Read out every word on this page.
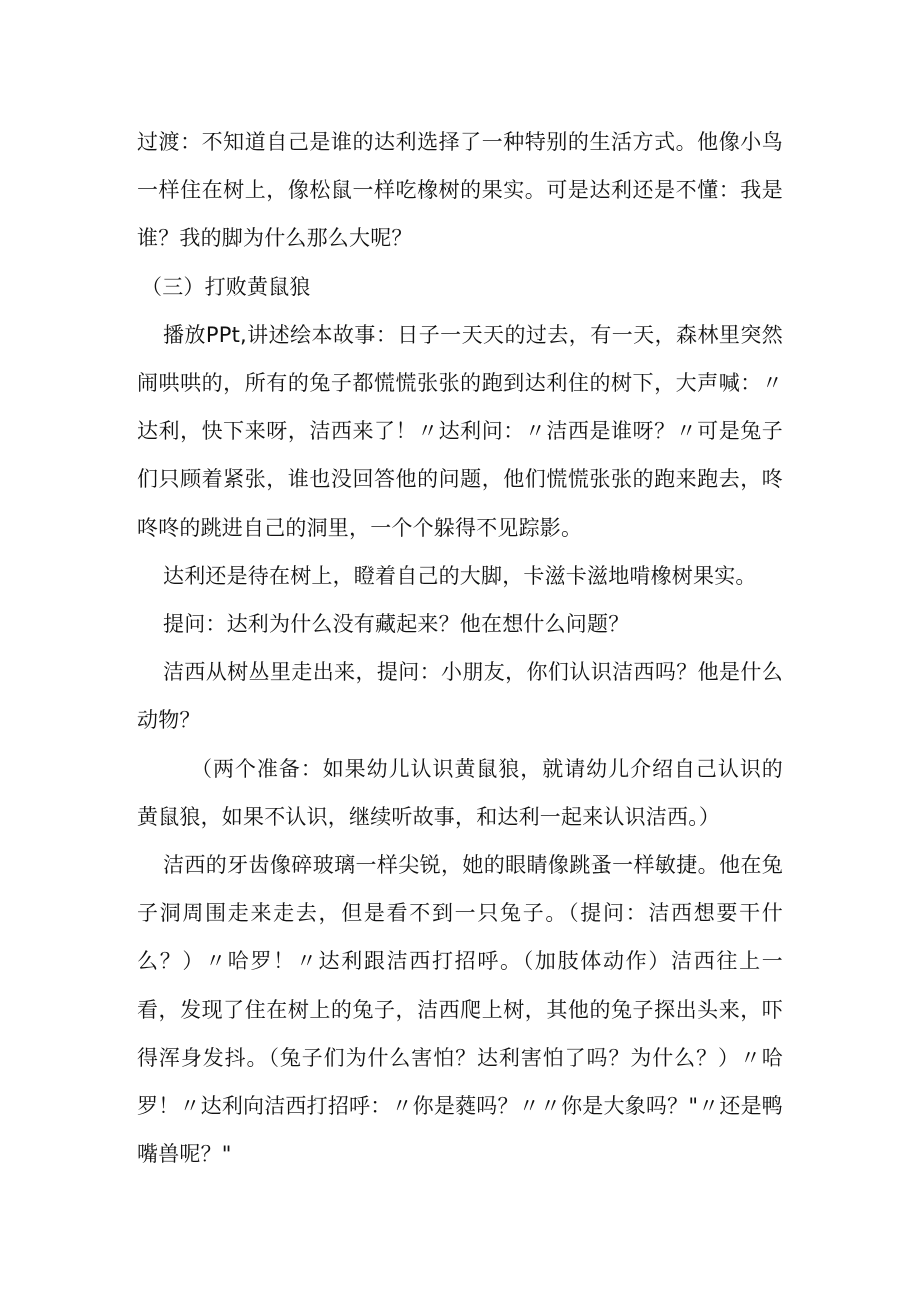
过渡：不知道自己是谁的达利选择了一种特别的生活方式。他像小鸟一样住在树上，像松鼠一样吃橡树的果实。可是达利还是不懂：我是谁？我的脚为什么那么大呢？

（三）打败黄鼠狼

播放PPt,讲述绘本故事：日子一天天的过去，有一天，森林里突然闹哄哄的，所有的兔子都慌慌张张的跑到达利住的树下，大声喊：〃达利，快下来呀，洁西来了！〃达利问：〃洁西是谁呀？〃可是兔子们只顾着紧张，谁也没回答他的问题，他们慌慌张张的跑来跑去，咚咚咚的跳进自己的洞里，一个个躲得不见踪影。

达利还是待在树上，瞪着自己的大脚，卡滋卡滋地啃橡树果实。

提问：达利为什么没有藏起来？他在想什么问题？

洁西从树丛里走出来，提问：小朋友，你们认识洁西吗？他是什么动物？

（两个准备：如果幼儿认识黄鼠狼，就请幼儿介绍自己认识的黄鼠狼，如果不认识，继续听故事，和达利一起来认识洁西。）

洁西的牙齿像碎玻璃一样尖锐，她的眼睛像跳蚤一样敏捷。他在兔子洞周围走来走去，但是看不到一只兔子。（提问：洁西想要干什么？）〃哈罗！〃达利跟洁西打招呼。（加肢体动作）洁西往上一看，发现了住在树上的兔子，洁西爬上树，其他的兔子探出头来，吓得浑身发抖。（兔子们为什么害怕？达利害怕了吗？为什么？）〃哈罗！〃达利向洁西打招呼：〃你是蕤吗？〃〃你是大象吗？"〃还是鸭嘴兽呢？"
